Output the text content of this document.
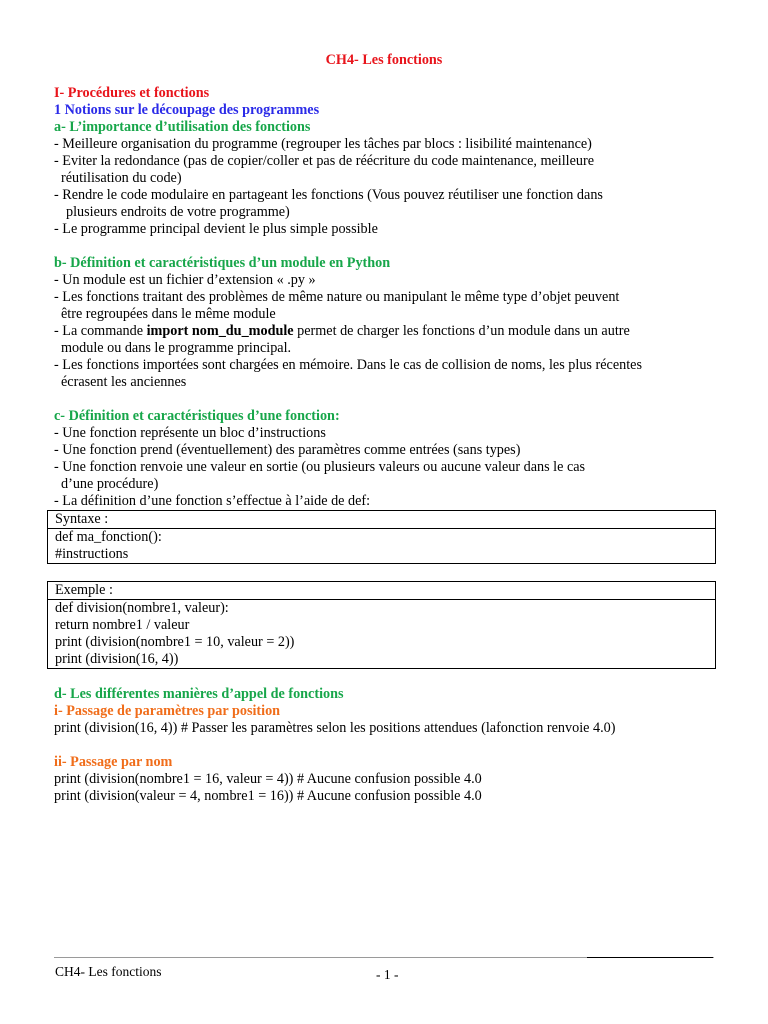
CH4- Les fonctions
I- Procédures et fonctions
1 Notions sur le découpage des programmes
a- L’importance d’utilisation des fonctions
- Meilleure organisation du programme (regrouper les tâches par blocs : lisibilité maintenance)
- Eviter la redondance (pas de copier/coller et pas de réécriture du code maintenance, meilleure
réutilisation du code)
- Rendre le code modulaire en partageant les fonctions (Vous pouvez réutiliser une fonction dans
plusieurs endroits de votre programme)
- Le programme principal devient le plus simple possible
b- Définition et caractéristiques d’un module en Python
- Un module est un fichier d’extension « .py »
- Les fonctions traitant des problèmes de même nature ou manipulant le même type d’objet peuvent
être regroupées dans le même module
- La commande import nom_du_module permet de charger les fonctions d’un module dans un autre
module ou dans le programme principal.
- Les fonctions importées sont chargées en mémoire. Dans le cas de collision de noms, les plus récentes
écrasent les anciennes
c- Définition et caractéristiques d’une fonction:
- Une fonction représente un bloc d’instructions
- Une fonction prend (éventuellement) des paramètres comme entrées (sans types)
- Une fonction renvoie une valeur en sortie (ou plusieurs valeurs ou aucune valeur dans le cas
d’une procédure)
- La définition d’une fonction s’effectue à l’aide de def:
Syntaxe :
def ma_fonction():
#instructions
Exemple :
def division(nombre1, valeur):
return nombre1 / valeur
print (division(nombre1 = 10, valeur = 2))
print (division(16, 4))
d- Les différentes manières d’appel de fonctions
i- Passage de paramètres par position
print (division(16, 4)) # Passer les paramètres selon les positions attendues (lafonction renvoie 4.0)
ii- Passage par nom
print (division(nombre1 = 16, valeur = 4)) # Aucune confusion possible 4.0
print (division(valeur = 4, nombre1 = 16)) # Aucune confusion possible 4.0
CH4- Les fonctions	- 1 -
